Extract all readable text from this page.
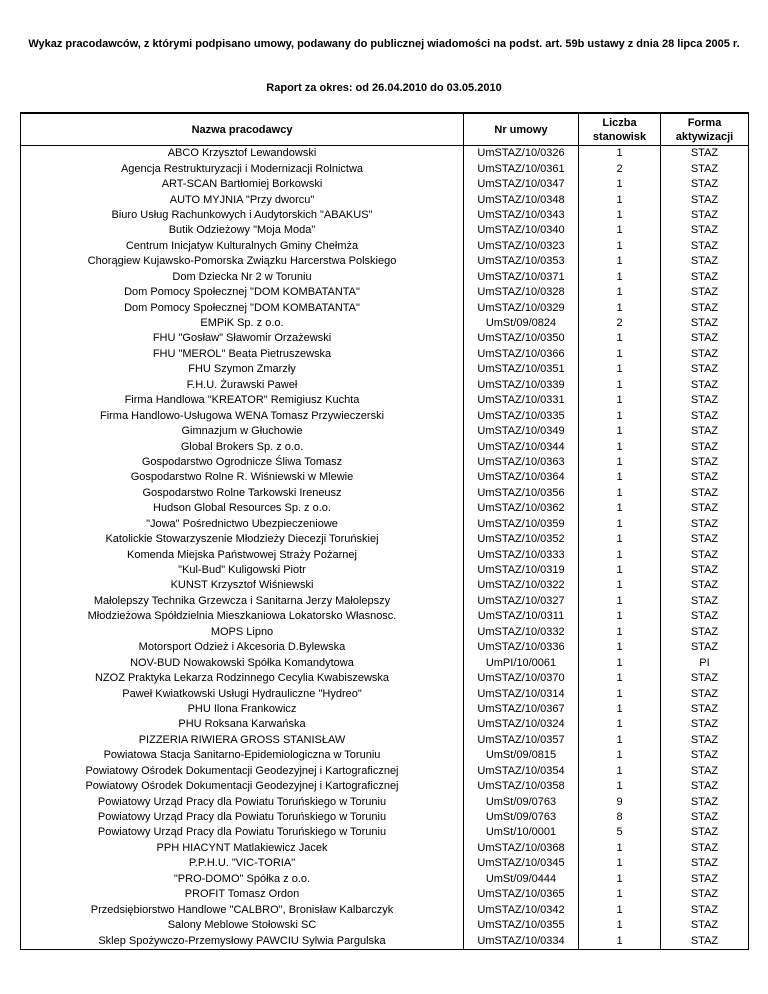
Wykaz pracodawców, z którymi podpisano umowy, podawany do publicznej wiadomości na podst. art. 59b ustawy z dnia 28 lipca 2005 r.
Raport za okres: od 26.04.2010 do 03.05.2010
Nazwa pracodawcy	Nr umowy	Liczba stanowisk	Forma aktywizacji
ABCO Krzysztof Lewandowski	UmSTAZ/10/0326	1	STAZ
Agencja Restrukturyzacji i Modernizacji Rolnictwa	UmSTAZ/10/0361	2	STAZ
ART-SCAN Bartłomiej Borkowski	UmSTAZ/10/0347	1	STAZ
AUTO MYJNIA "Przy dworcu"	UmSTAZ/10/0348	1	STAZ
Biuro Usług Rachunkowych i Audytorskich "ABAKUS"	UmSTAZ/10/0343	1	STAZ
Butik Odzieżowy "Moja Moda"	UmSTAZ/10/0340	1	STAZ
Centrum Inicjatyw Kulturalnych Gminy Chełmża	UmSTAZ/10/0323	1	STAZ
Chorągiew Kujawsko-Pomorska Związku Harcerstwa Polskiego	UmSTAZ/10/0353	1	STAZ
Dom Dziecka Nr 2 w Toruniu	UmSTAZ/10/0371	1	STAZ
Dom Pomocy Społecznej "DOM KOMBATANTA"	UmSTAZ/10/0328	1	STAZ
Dom Pomocy Społecznej "DOM KOMBATANTA"	UmSTAZ/10/0329	1	STAZ
EMPiK Sp. z o.o.	UmSt/09/0824	2	STAZ
FHU "Gosław" Sławomir Orzażewski	UmSTAZ/10/0350	1	STAZ
FHU "MEROL" Beata Pietruszewska	UmSTAZ/10/0366	1	STAZ
FHU Szymon Zmarzły	UmSTAZ/10/0351	1	STAZ
F.H.U. Żurawski Paweł	UmSTAZ/10/0339	1	STAZ
Firma Handlowa "KREATOR" Remigiusz Kuchta	UmSTAZ/10/0331	1	STAZ
Firma Handlowo-Usługowa WENA Tomasz Przywieczerski	UmSTAZ/10/0335	1	STAZ
Gimnazjum w Głuchowie	UmSTAZ/10/0349	1	STAZ
Global Brokers Sp. z o.o.	UmSTAZ/10/0344	1	STAZ
Gospodarstwo Ogrodnicze Śliwa Tomasz	UmSTAZ/10/0363	1	STAZ
Gospodarstwo Rolne R. Wiśniewski w Mlewie	UmSTAZ/10/0364	1	STAZ
Gospodarstwo Rolne Tarkowski Ireneusz	UmSTAZ/10/0356	1	STAZ
Hudson Global Resources Sp. z o.o.	UmSTAZ/10/0362	1	STAZ
"Jowa" Pośrednictwo Ubezpieczeniowe	UmSTAZ/10/0359	1	STAZ
Katolickie Stowarzyszenie Młodzieży Diecezji Toruńskiej	UmSTAZ/10/0352	1	STAZ
Komenda Miejska Państwowej Straży Pożarnej	UmSTAZ/10/0333	1	STAZ
"Kul-Bud" Kuligowski Piotr	UmSTAZ/10/0319	1	STAZ
KUNST Krzysztof Wiśniewski	UmSTAZ/10/0322	1	STAZ
Małolepszy Technika Grzewcza i Sanitarna Jerzy Małolepszy	UmSTAZ/10/0327	1	STAZ
Młodzieżowa Spółdzielnia Mieszkaniowa Lokatorsko Własnosc.	UmSTAZ/10/0311	1	STAZ
MOPS Lipno	UmSTAZ/10/0332	1	STAZ
Motorsport Odzież i Akcesoria D.Bylewska	UmSTAZ/10/0336	1	STAZ
NOV-BUD Nowakowski Spółka Komandytowa	UmPI/10/0061	1	PI
NZOZ Praktyka Lekarza Rodzinnego Cecylia Kwabiszewska	UmSTAZ/10/0370	1	STAZ
Paweł Kwiatkowski Usługi Hydrauliczne "Hydreo"	UmSTAZ/10/0314	1	STAZ
PHU Ilona Frankowicz	UmSTAZ/10/0367	1	STAZ
PHU Roksana Karwańska	UmSTAZ/10/0324	1	STAZ
PIZZERIA RIWIERA GROSS STANISŁAW	UmSTAZ/10/0357	1	STAZ
Powiatowa Stacja Sanitarno-Epidemiologiczna w Toruniu	UmSt/09/0815	1	STAZ
Powiatowy Ośrodek Dokumentacji Geodezyjnej i Kartograficznej	UmSTAZ/10/0354	1	STAZ
Powiatowy Ośrodek Dokumentacji Geodezyjnej i Kartograficznej	UmSTAZ/10/0358	1	STAZ
Powiatowy Urząd Pracy dla Powiatu Toruńskiego w Toruniu	UmSt/09/0763	9	STAZ
Powiatowy Urząd Pracy dla Powiatu Toruńskiego w Toruniu	UmSt/09/0763	8	STAZ
Powiatowy Urząd Pracy dla Powiatu Toruńskiego w Toruniu	UmSt/10/0001	5	STAZ
PPH HIACYNT Matlakiewicz Jacek	UmSTAZ/10/0368	1	STAZ
P.P.H.U. "VIC-TORIA"	UmSTAZ/10/0345	1	STAZ
"PRO-DOMO" Spółka z o.o.	UmSt/09/0444	1	STAZ
PROFIT Tomasz Ordon	UmSTAZ/10/0365	1	STAZ
Przedsiębiorstwo Handlowe "CALBRO", Bronisław Kalbarczyk	UmSTAZ/10/0342	1	STAZ
Salony Meblowe Stołowski SC	UmSTAZ/10/0355	1	STAZ
Sklep Spożywczo-Przemysłowy PAWCIU Sylwia Pargulska	UmSTAZ/10/0334	1	STAZ
